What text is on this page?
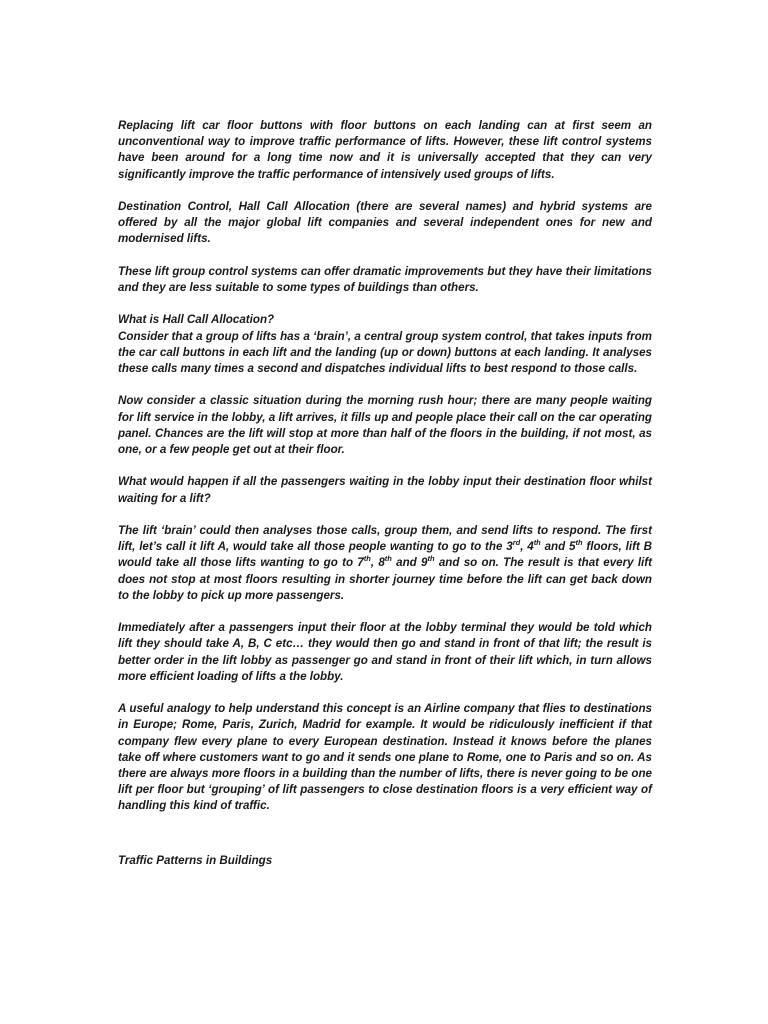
Replacing lift car floor buttons with floor buttons on each landing can at first seem an unconventional way to improve traffic performance of lifts. However, these lift control systems have been around for a long time now and it is universally accepted that they can very significantly improve the traffic performance of intensively used groups of lifts.

Destination Control, Hall Call Allocation (there are several names) and hybrid systems are offered by all the major global lift companies and several independent ones for new and modernised lifts.

These lift group control systems can offer dramatic improvements but they have their limitations and they are less suitable to some types of buildings than others.

What is Hall Call Allocation?

Consider that a group of lifts has a ‘brain’, a central group system control, that takes inputs from the car call buttons in each lift and the landing (up or down) buttons at each landing. It analyses these calls many times a second and dispatches individual lifts to best respond to those calls.

Now consider a classic situation during the morning rush hour; there are many people waiting for lift service in the lobby, a lift arrives, it fills up and people place their call on the car operating panel. Chances are the lift will stop at more than half of the floors in the building, if not most, as one, or a few people get out at their floor.

What would happen if all the passengers waiting in the lobby input their destination floor whilst waiting for a lift?

The lift ‘brain’ could then analyses those calls, group them, and send lifts to respond. The first lift, let’s call it lift A, would take all those people wanting to go to the 3rd, 4th and 5th floors, lift B would take all those lifts wanting to go to 7th, 8th and 9th and so on. The result is that every lift does not stop at most floors resulting in shorter journey time before the lift can get back down to the lobby to pick up more passengers.

Immediately after a passengers input their floor at the lobby terminal they would be told which lift they should take A, B, C etc… they would then go and stand in front of that lift; the result is better order in the lift lobby as passenger go and stand in front of their lift which, in turn allows more efficient loading of lifts a the lobby.

A useful analogy to help understand this concept is an Airline company that flies to destinations in Europe; Rome, Paris, Zurich, Madrid for example. It would be ridiculously inefficient if that company flew every plane to every European destination. Instead it knows before the planes take off where customers want to go and it sends one plane to Rome, one to Paris and so on. As there are always more floors in a building than the number of lifts, there is never going to be one lift per floor but ‘grouping’ of lift passengers to close destination floors is a very efficient way of handling this kind of traffic.

Traffic Patterns in Buildings
